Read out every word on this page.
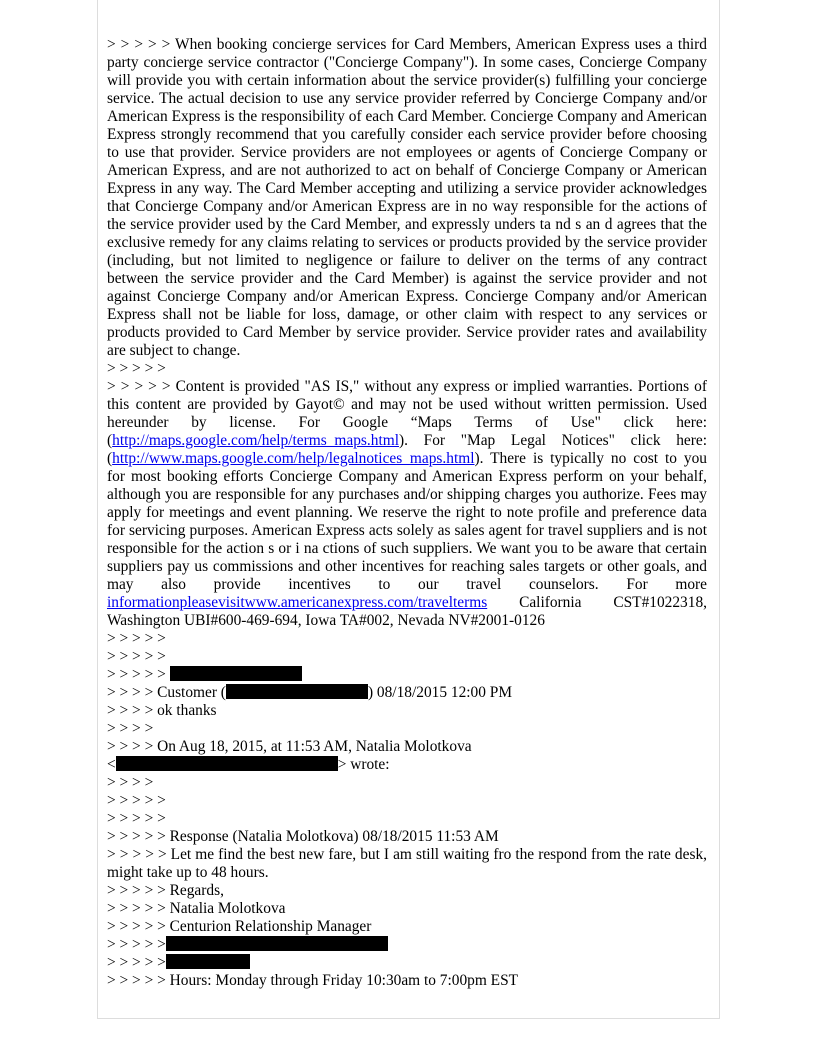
> > > > > When booking concierge services for Card Members, American Express uses a third party concierge service contractor ("Concierge Company"). In some cases, Concierge Company will provide you with certain information about the service provider(s) fulfilling your concierge service. The actual decision to use any service provider referred by Concierge Company and/or American Express is the responsibility of each Card Member. Concierge Company and American Express strongly recommend that you carefully consider each service provider before choosing to use that provider. Service providers are not employees or agents of Concierge Company or American Express, and are not authorized to act on behalf of Concierge Company or American Express in any way. The Card Member accepting and utilizing a service provider acknowledges that Concierge Company and/or American Express are in no way responsible for the actions of the service provider used by the Card Member, and expressly unders ta nd s an d agrees that the exclusive remedy for any claims relating to services or products provided by the service provider (including, but not limited to negligence or failure to deliver on the terms of any contract between the service provider and the Card Member) is against the service provider and not against Concierge Company and/or American Express. Concierge Company and/or American Express shall not be liable for loss, damage, or other claim with respect to any services or products provided to Card Member by service provider. Service provider rates and availability are subject to change.

> > > > >

> > > > > Content is provided "AS IS," without any express or implied warranties. Portions of this content are provided by Gayot© and may not be used without written permission. Used hereunder by license. For Google “Maps Terms of Use" click here: (http://maps.google.com/help/terms_maps.html). For "Map Legal Notices" click here: (http://www.maps.google.com/help/legalnotices_maps.html). There is typically no cost to you for most booking efforts Concierge Company and American Express perform on your behalf, although you are responsible for any purchases and/or shipping charges you authorize. Fees may apply for meetings and event planning. We reserve the right to note profile and preference data for servicing purposes. American Express acts solely as sales agent for travel suppliers and is not responsible for the action s or i na ctions of such suppliers. We want you to be aware that certain suppliers pay us commissions and other incentives for reaching sales targets or other goals, and may also provide incentives to our travel counselors. For more informationpleasevisitwww.americanexpress.com/travelterms California CST#1022318, Washington UBI#600-469-694, Iowa TA#002, Nevada NV#2001-0126

> > > > >
> > > > >
> > > > >
> > > > Customer (	) 08/18/2015 12:00 PM
> > > > ok thanks
> > > >
> > > > On Aug 18, 2015, at 11:53 AM, Natalia Molotkova
<	> wrote:
> > > >
> > > > >
> > > > >
> > > > > Response (Natalia Molotkova) 08/18/2015 11:53 AM

> > > > > Let me find the best new fare, but I am still waiting fro the respond from the rate desk, might take up to 48 hours.

> > > > > Regards,
> > > > > Natalia Molotkova
> > > > > Centurion Relationship Manager
> > > > >
> > > > >
> > > > > Hours: Monday through Friday 10:30am to 7:00pm EST
